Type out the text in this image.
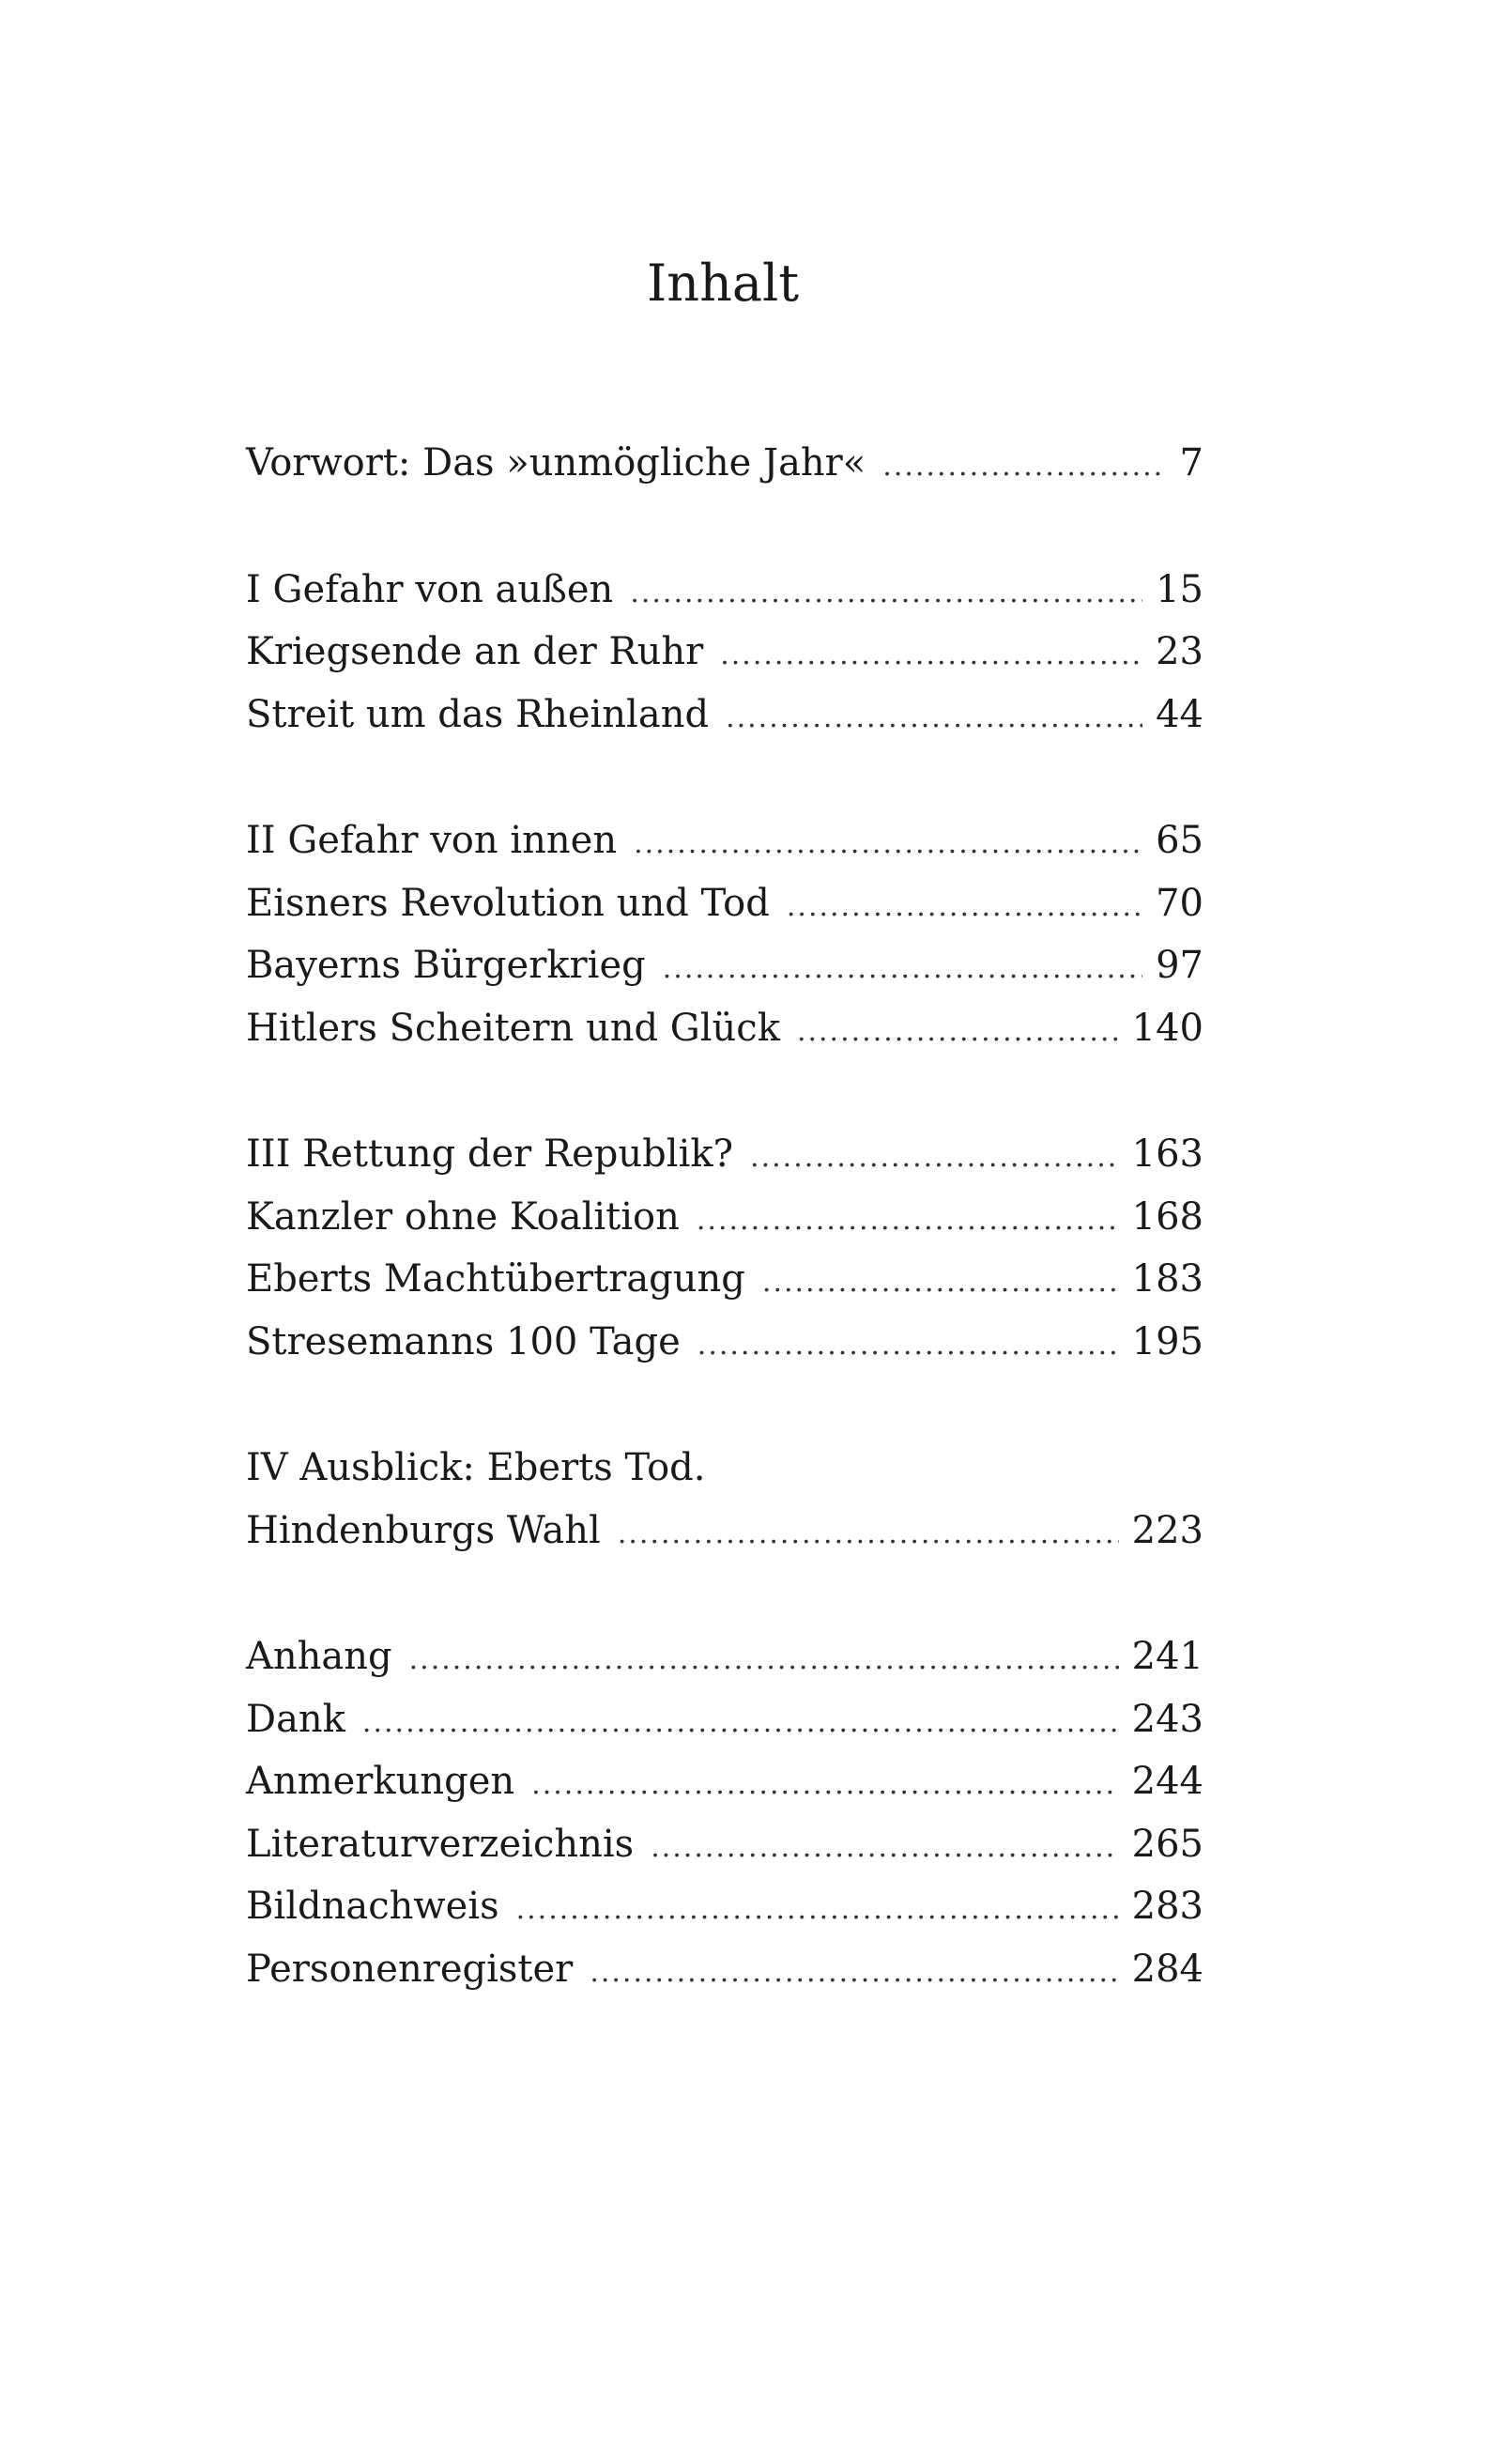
Inhalt
Vorwort: Das »unmögliche Jahr« .....	7
I Gefahr von außen .....	15
Kriegsende an der Ruhr .....	23
Streit um das Rheinland .....	44
II Gefahr von innen .....	65
Eisners Revolution und Tod .....	70
Bayerns Bürgerkrieg .....	97
Hitlers Scheitern und Glück .....	140
III Rettung der Republik? .....	163
Kanzler ohne Koalition .....	168
Eberts Machtübertragung .....	183
Stresemanns 100 Tage .....	195
IV Ausblick: Eberts Tod.
Hindenburgs Wahl .....	223
Anhang .....	241
Dank .....	243
Anmerkungen .....	244
Literaturverzeichnis .....	265
Bildnachweis .....	283
Personenregister .....	284
